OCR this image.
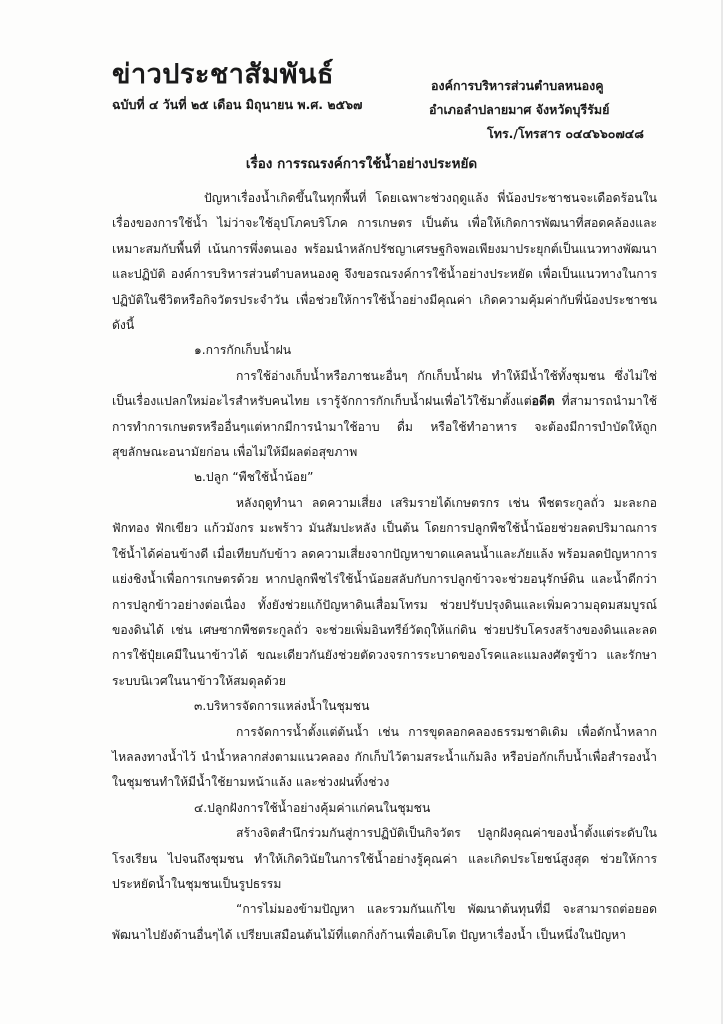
ข่าวประชาสัมพันธ์
ฉบับที่ ๔ วันที่ ๒๕ เดือน มิถุนายน พ.ศ. ๒๕๖๗
องค์การบริหารส่วนตำบลหนองคู
อำเภอลำปลายมาศ จังหวัดบุรีรัมย์
โทร./โทรสาร ๐๔๔๖๖๐๗๔๘
เรื่อง การรณรงค์การใช้น้ำอย่างประหยัด

ปัญหาเรื่องน้ำเกิดขึ้นในทุกพื้นที่ โดยเฉพาะช่วงฤดูแล้ง พี่น้องประชาชนจะเดือดร้อนในเรื่องของการใช้น้ำ ไม่ว่าจะใช้อุปโภคบริโภค การเกษตร เป็นต้น เพื่อให้เกิดการพัฒนาที่สอดคล้องและเหมาะสมกับพื้นที่ เน้นการพึ่งตนเอง พร้อมนำหลักปรัชญาเศรษฐกิจพอเพียงมาประยุกต์เป็นแนวทางพัฒนาและปฏิบัติ องค์การบริหารส่วนตำบลหนองคู จึงขอรณรงค์การใช้น้ำอย่างประหยัด เพื่อเป็นแนวทางในการปฏิบัติในชีวิตหรือกิจวัตรประจำวัน เพื่อช่วยให้การใช้น้ำอย่างมีคุณค่า เกิดความคุ้มค่ากับพี่น้องประชาชน ดังนี้

๑.การกักเก็บน้ำฝน

การใช้อ่างเก็บน้ำหรือภาชนะอื่นๆ กักเก็บน้ำฝน ทำให้มีน้ำใช้ทั้งชุมชน ซึ่งไม่ใช่เป็นเรื่องแปลกใหม่อะไรสำหรับคนไทย เรารู้จักการกักเก็บน้ำฝนเพื่อไว้ใช้มาตั้งแต่อดีต ที่สามารถนำมาใช้การทำการเกษตรหรืออื่นๆแต่หากมีการนำมาใช้อาบ ดื่ม หรือใช้ทำอาหาร จะต้องมีการบำบัดให้ถูกสุขลักษณะอนามัยก่อน เพื่อไม่ให้มีผลต่อสุขภาพ

๒.ปลูก “พืชใช้น้ำน้อย”

หลังฤดูทำนา ลดความเสี่ยง เสริมรายได้เกษตรกร เช่น พืชตระกูลถั่ว มะละกอ ฟักทอง ฟักเขียว แก้วมังกร มะพร้าว มันสัมปะหลัง เป็นต้น โดยการปลูกพืชใช้น้ำน้อยช่วยลดปริมาณการใช้น้ำได้ค่อนข้างดี เมื่อเทียบกับข้าว ลดความเสี่ยงจากปัญหาขาดแคลนน้ำและภัยแล้ง พร้อมลดปัญหาการแย่งชิงน้ำเพื่อการเกษตรด้วย หากปลูกพืชไร่ใช้น้ำน้อยสลับกับการปลูกข้าวจะช่วยอนุรักษ์ดิน และน้ำดีกว่าการปลูกข้าวอย่างต่อเนื่อง ทั้งยังช่วยแก้ปัญหาดินเสื่อมโทรม ช่วยปรับปรุงดินและเพิ่มความอุดมสมบูรณ์ของดินได้ เช่น เศษซากพืชตระกูลถั่ว จะช่วยเพิ่มอินทรีย์วัตถุให้แก่ดิน ช่วยปรับโครงสร้างของดินและลดการใช้ปุ๋ยเคมีในนาข้าวได้ ขณะเดียวกันยังช่วยตัดวงจรการระบาดของโรคและแมลงศัตรูข้าว และรักษาระบบนิเวศในนาข้าวให้สมดุลด้วย

๓.บริหารจัดการแหล่งน้ำในชุมชน

การจัดการน้ำตั้งแต่ต้นน้ำ เช่น การขุดลอกคลองธรรมชาติเดิม เพื่อดักน้ำหลากไหลลงทางน้ำไว้ นำน้ำหลากส่งตามแนวคลอง กักเก็บไว้ตามสระน้ำแก้มลิง หรือบ่อกักเก็บน้ำเพื่อสำรองน้ำในชุมชนทำให้มีน้ำใช้ยามหน้าแล้ง และช่วงฝนทิ้งช่วง

๔.ปลูกฝังการใช้น้ำอย่างคุ้มค่าแก่คนในชุมชน

สร้างจิตสำนึกร่วมกันสู่การปฏิบัติเป็นกิจวัตร ปลูกฝังคุณค่าของน้ำตั้งแต่ระดับในโรงเรียน ไปจนถึงชุมชน ทำให้เกิดวินัยในการใช้น้ำอย่างรู้คุณค่า และเกิดประโยชน์สูงสุด ช่วยให้การประหยัดน้ำในชุมชนเป็นรูปธรรม

“การไม่มองข้ามปัญหา และรวมกันแก้ไข พัฒนาต้นทุนที่มี จะสามารถต่อยอดพัฒนาไปยังด้านอื่นๆได้ เปรียบเสมือนต้นไม้ที่แตกกิ่งก้านเพื่อเติบโต ปัญหาเรื่องน้ำ เป็นหนึ่งในปัญหา
